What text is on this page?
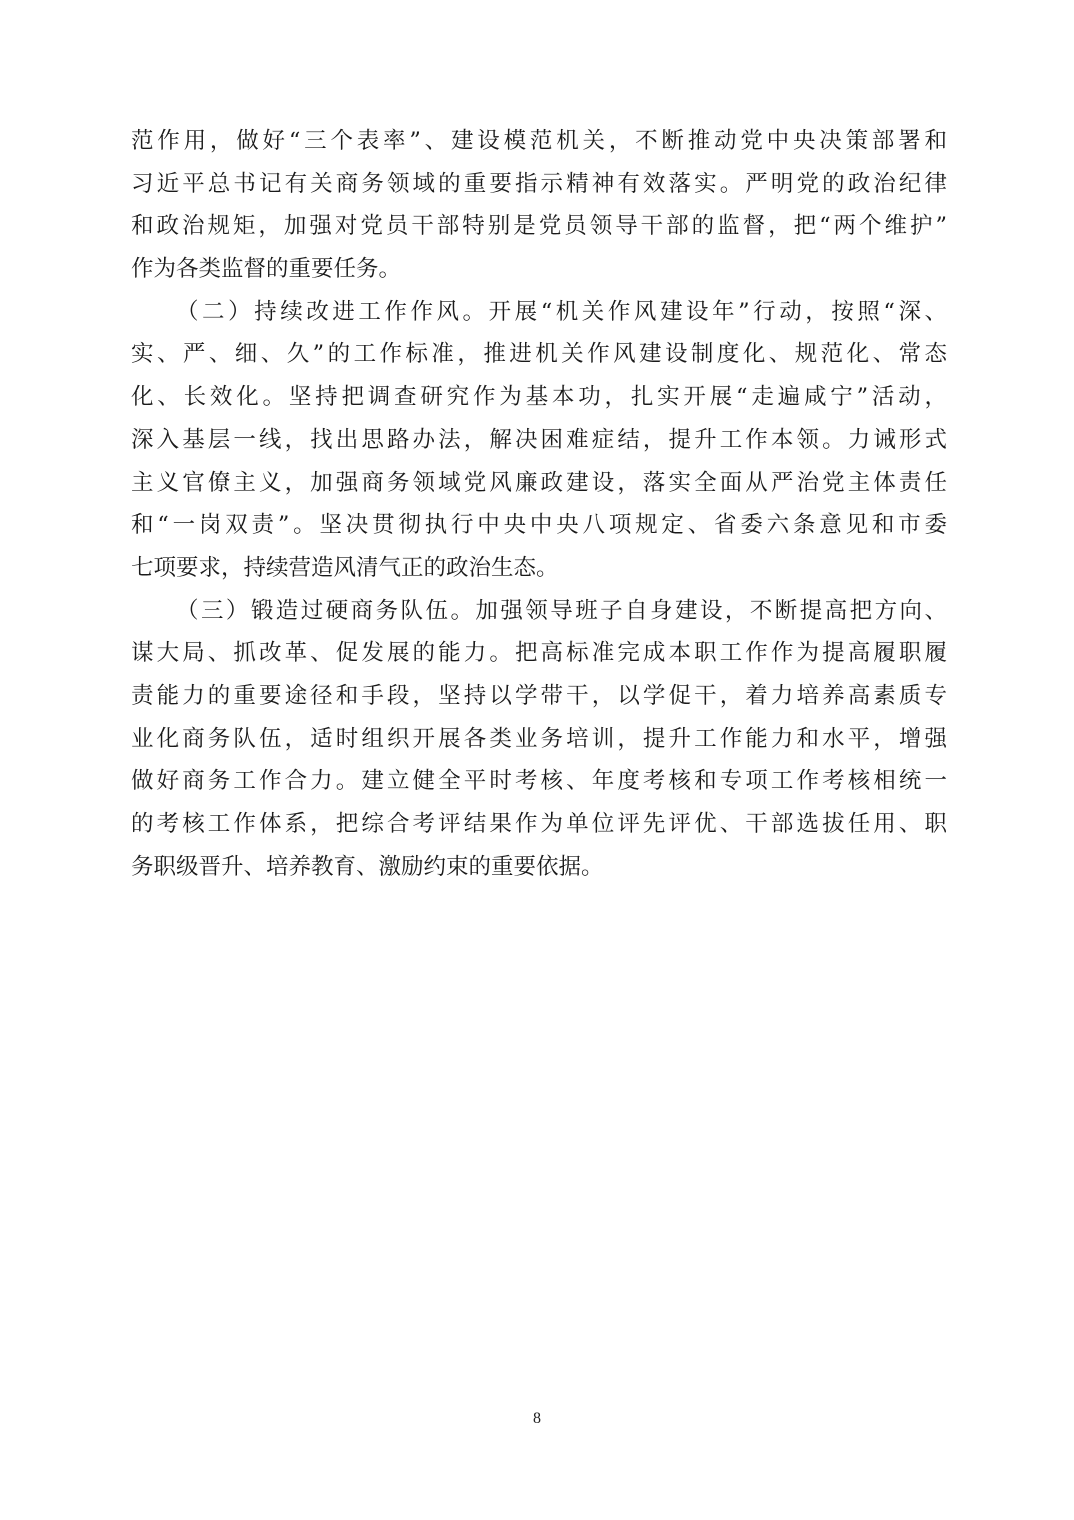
范作用，做好“三个表率”、建设模范机关，不断推动党中央决策部署和
习近平总书记有关商务领域的重要指示精神有效落实。严明党的政治纪律
和政治规矩，加强对党员干部特别是党员领导干部的监督，把“两个维护”
作为各类监督的重要任务。
（二）持续改进工作作风。开展“机关作风建设年”行动，按照“深、
实、严、细、久”的工作标准，推进机关作风建设制度化、规范化、常态
化、长效化。坚持把调查研究作为基本功，扎实开展“走遍咸宁”活动，
深入基层一线，找出思路办法，解决困难症结，提升工作本领。力诫形式
主义官僚主义，加强商务领域党风廉政建设，落实全面从严治党主体责任
和“一岗双责”。坚决贯彻执行中央中央八项规定、省委六条意见和市委
七项要求，持续营造风清气正的政治生态。
（三）锻造过硬商务队伍。加强领导班子自身建设，不断提高把方向、
谋大局、抓改革、促发展的能力。把高标准完成本职工作作为提高履职履
责能力的重要途径和手段，坚持以学带干，以学促干，着力培养高素质专
业化商务队伍，适时组织开展各类业务培训，提升工作能力和水平，增强
做好商务工作合力。建立健全平时考核、年度考核和专项工作考核相统一
的考核工作体系，把综合考评结果作为单位评先评优、干部选拔任用、职
务职级晋升、培养教育、激励约束的重要依据。
8
